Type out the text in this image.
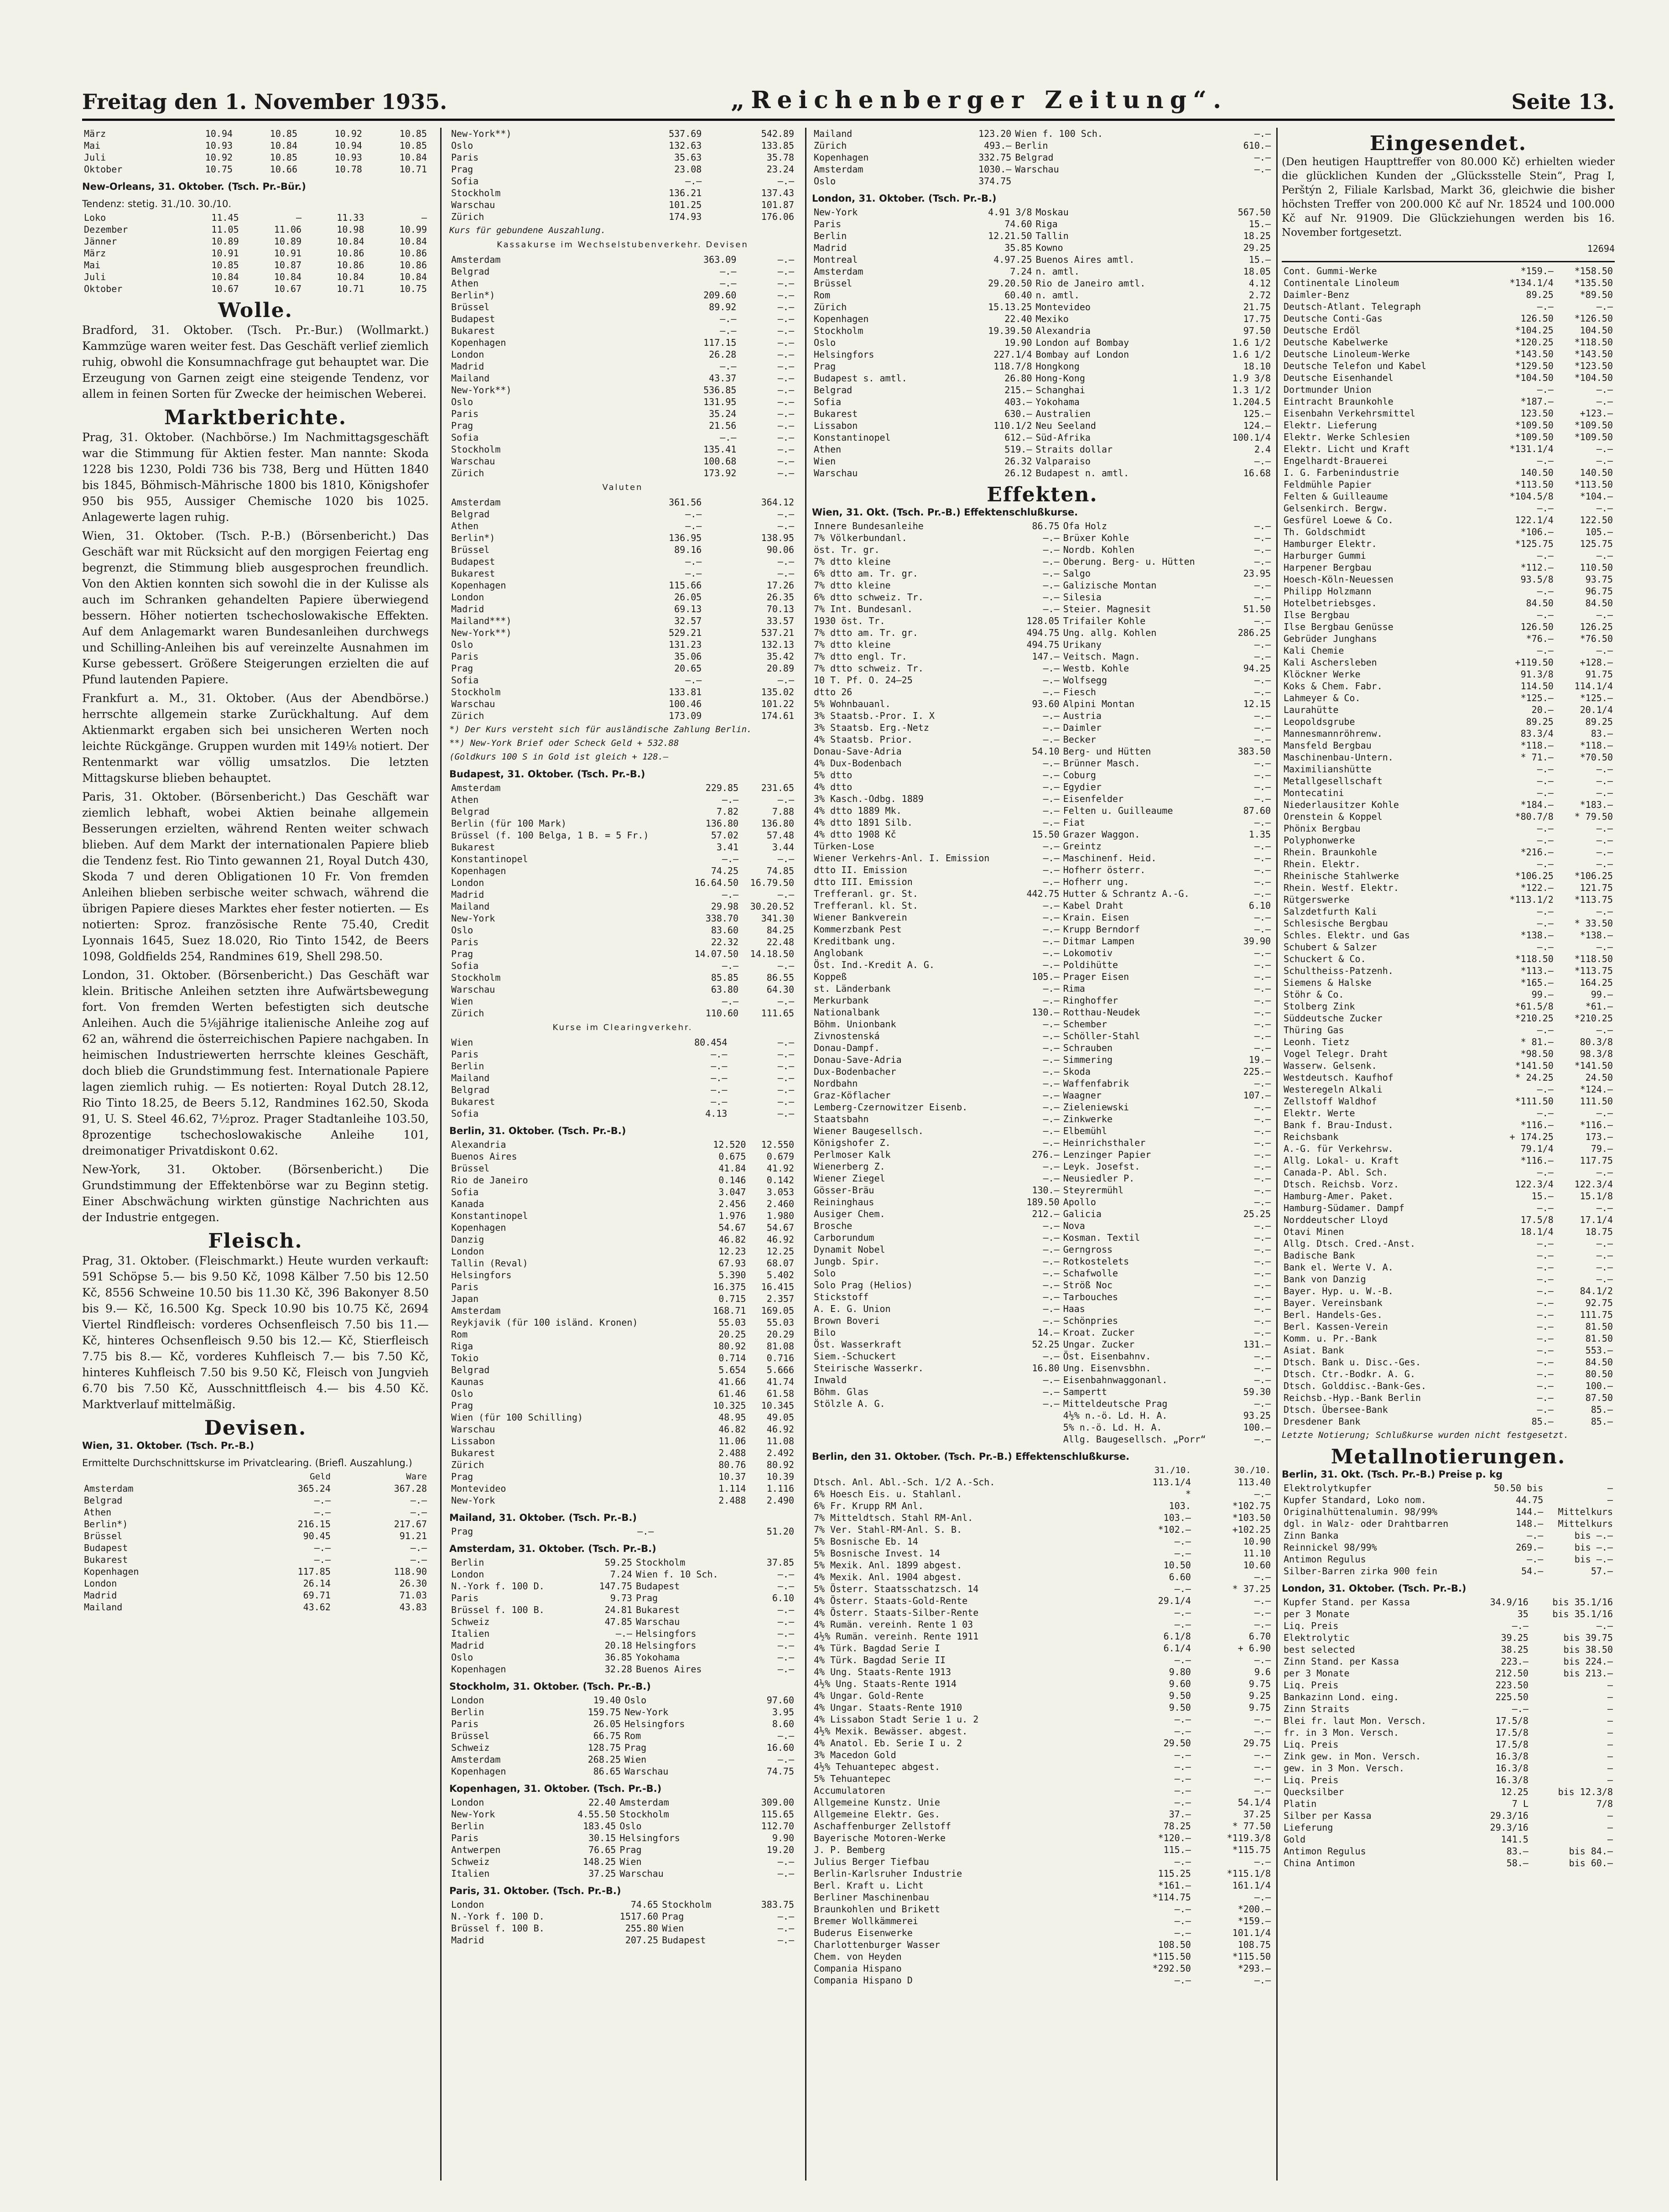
Freitag den 1. November 1935.	„Reichenberger Zeitung“.	Seite 13.
März	10.94	10.85	10.92	10.85
Mai	10.93	10.84	10.94	10.85
Juli	10.92	10.85	10.93	10.84
Oktober	10.75	10.66	10.78	10.71
New-Orleans, 31. Oktober. (Tsch. Pr.-Bür.)
Tendenz: stetig. 31./10. 30./10.
Loko	11.45	—	11.33	—
Dezember	11.05	11.06	10.98	10.99
Jänner	10.89	10.89	10.84	10.84
März	10.91	10.91	10.86	10.86
Mai	10.85	10.87	10.86	10.86
Juli	10.84	10.84	10.84	10.84
Oktober	10.67	10.67	10.71	10.75
Wolle.
Bradford, 31. Oktober. (Tsch. Pr.-Bur.) (Wollmarkt.) Kammzüge waren weiter fest. Das Geschäft verlief ziemlich ruhig, obwohl die Konsumnachfrage gut behauptet war. Die Erzeugung von Garnen zeigt eine steigende Tendenz, vor allem in feinen Sorten für Zwecke der heimischen Weberei.
Marktberichte.
Prag, 31. Oktober. (Nachbörse.) Im Nachmittagsgeschäft war die Stimmung für Aktien fester. Man nannte: Skoda 1228 bis 1230, Poldi 736 bis 738, Berg und Hütten 1840 bis 1845, Böhmisch-Mährische 1800 bis 1810, Königshofer 950 bis 955, Aussiger Chemische 1020 bis 1025. Anlagewerte lagen ruhig.
Wien, 31. Oktober. (Tsch. P.-B.) (Börsenbericht.) Das Geschäft war mit Rücksicht auf den morgigen Feiertag eng begrenzt, die Stimmung blieb ausgesprochen freundlich. Von den Aktien konnten sich sowohl die in der Kulisse als auch im Schranken gehandelten Papiere überwiegend bessern. Höher notierten tschechoslowakische Effekten. Auf dem Anlagemarkt waren Bundesanleihen durchwegs und Schilling-Anleihen bis auf vereinzelte Ausnahmen im Kurse gebessert. Größere Steigerungen erzielten die auf Pfund lautenden Papiere.
Frankfurt a. M., 31. Oktober. (Aus der Abendbörse.) herrschte allgemein starke Zurückhaltung. Auf dem Aktienmarkt ergaben sich bei unsicheren Werten noch leichte Rückgänge. Gruppen wurden mit 149⅛ notiert. Der Rentenmarkt war völlig umsatzlos. Die letzten Mittagskurse blieben behauptet.
Paris, 31. Oktober. (Börsenbericht.) Das Geschäft war ziemlich lebhaft, wobei Aktien beinahe allgemein Besserungen erzielten, während Renten weiter schwach blieben. Auf dem Markt der internationalen Papiere blieb die Tendenz fest. Rio Tinto gewannen 21, Royal Dutch 430, Skoda 7 und deren Obligationen 10 Fr. Von fremden Anleihen blieben serbische weiter schwach, während die übrigen Papiere dieses Marktes eher fester notierten. — Es notierten: Sproz. französische Rente 75.40, Credit Lyonnais 1645, Suez 18.020, Rio Tinto 1542, de Beers 1098, Goldfields 254, Randmines 619, Shell 298.50.
London, 31. Oktober. (Börsenbericht.) Das Geschäft war klein. Britische Anleihen setzten ihre Aufwärtsbewegung fort. Von fremden Werten befestigten sich deutsche Anleihen. Auch die 5⅛jährige italienische Anleihe zog auf 62 an, während die österreichischen Papiere nachgaben. In heimischen Industriewerten herrschte kleines Geschäft, doch blieb die Grundstimmung fest. Internationale Papiere lagen ziemlich ruhig. — Es notierten: Royal Dutch 28.12, Rio Tinto 18.25, de Beers 5.12, Randmines 162.50, Skoda 91, U. S. Steel 46.62, 7½proz. Prager Stadtanleihe 103.50, 8prozentige tschechoslowakische Anleihe 101, dreimonatiger Privatdiskont 0.62.
New-York, 31. Oktober. (Börsenbericht.) Die Grundstimmung der Effektenbörse war zu Beginn stetig. Einer Abschwächung wirkten günstige Nachrichten aus der Industrie entgegen.
Fleisch.
Prag, 31. Oktober. (Fleischmarkt.) Heute wurden verkauft: 591 Schöpse 5.— bis 9.50 Kč, 1098 Kälber 7.50 bis 12.50 Kč, 8556 Schweine 10.50 bis 11.30 Kč, 396 Bakonyer 8.50 bis 9.— Kč, 16.500 Kg. Speck 10.90 bis 10.75 Kč, 2694 Viertel Rindfleisch: vorderes Ochsenfleisch 7.50 bis 11.— Kč, hinteres Ochsenfleisch 9.50 bis 12.— Kč, Stierfleisch 7.75 bis 8.— Kč, vorderes Kuhfleisch 7.— bis 7.50 Kč, hinteres Kuhfleisch 7.50 bis 9.50 Kč, Fleisch von Jungvieh 6.70 bis 7.50 Kč, Ausschnittfleisch 4.— bis 4.50 Kč. Marktverlauf mittelmäßig.
Devisen.
Wien, 31. Oktober. (Tsch. Pr.-B.)
Ermittelte Durchschnittskurse im Privatclearing. (Briefl. Auszahlung.)
	Geld	Ware
Amsterdam	365.24	367.28
Belgrad	—.—	—.—
Athen	—.—	—.—
Berlin*)	216.15	217.67
Brüssel	90.45	91.21
Budapest	—.—	—.—
Bukarest	—.—	—.—
Kopenhagen	117.85	118.90
London	26.14	26.30
Madrid	69.71	71.03
Mailand	43.62	43.83
New-York**)	537.69	542.89
Oslo	132.63	133.85
Paris	35.63	35.78
Prag	23.08	23.24
Sofia	—.—	—.—
Stockholm	136.21	137.43
Warschau	101.25	101.87
Zürich	174.93	176.06
Kurs für gebundene Auszahlung.
Kassakurse im Wechselstubenverkehr. Devisen
Amsterdam	363.09	—.—
Belgrad	—.—	—.—
Athen	—.—	—.—
Berlin*)	209.60	—.—
Brüssel	89.92	—.—
Budapest	—.—	—.—
Bukarest	—.—	—.—
Kopenhagen	117.15	—.—
London	26.28	—.—
Madrid	—.—	—.—
Mailand	43.37	—.—
New-York**)	536.85	—.—
Oslo	131.95	—.—
Paris	35.24	—.—
Prag	21.56	—.—
Sofia	—.—	—.—
Stockholm	135.41	—.—
Warschau	100.68	—.—
Zürich	173.92	—.—
Valuten
Amsterdam	361.56	364.12
Belgrad	—.—	—.—
Athen	—.—	—.—
Berlin*)	136.95	138.95
Brüssel	89.16	90.06
Budapest	—.—	—.—
Bukarest	—.—	—.—
Kopenhagen	115.66	17.26
London	26.05	26.35
Madrid	69.13	70.13
Mailand***)	32.57	33.57
New-York**)	529.21	537.21
Oslo	131.23	132.13
Paris	35.06	35.42
Prag	20.65	20.89
Sofia	—.—	—.—
Stockholm	133.81	135.02
Warschau	100.46	101.22
Zürich	173.09	174.61
*) Der Kurs versteht sich für ausländische Zahlung Berlin.
**) New-York Brief oder Scheck Geld + 532.88
(Goldkurs 100 S in Gold ist gleich + 128.—
Budapest, 31. Oktober. (Tsch. Pr.-B.)
Amsterdam	229.85	231.65
Athen	—.—	—.—
Belgrad	7.82	7.88
Berlin (für 100 Mark)	136.80	136.80
Brüssel (f. 100 Belga, 1 B. = 5 Fr.)	57.02	57.48
Bukarest	3.41	3.44
Konstantinopel	—.—	—.—
Kopenhagen	74.25	74.85
London	16.64.50	16.79.50
Madrid	—.—	—.—
Mailand	29.98	30.20.52
New-York	338.70	341.30
Oslo	83.60	84.25
Paris	22.32	22.48
Prag	14.07.50	14.18.50
Sofia	—.—	—.—
Stockholm	85.85	86.55
Warschau	63.80	64.30
Wien	—.—	—.—
Zürich	110.60	111.65
Kurse im Clearingverkehr.
Wien	80.454	—.—
Paris	—.—	—.—
Berlin	—.—	—.—
Mailand	—.—	—.—
Belgrad	—.—	—.—
Bukarest	—.—	—.—
Sofia	4.13	—.—
Berlin, 31. Oktober. (Tsch. Pr.-B.)
Alexandria	12.520	12.550
Buenos Aires	0.675	0.679
Brüssel	41.84	41.92
Rio de Janeiro	0.146	0.142
Sofia	3.047	3.053
Kanada	2.456	2.460
Konstantinopel	1.976	1.980
Kopenhagen	54.67	54.67
Danzig	46.82	46.92
London	12.23	12.25
Tallin (Reval)	67.93	68.07
Helsingfors	5.390	5.402
Paris	16.375	16.415
Japan	0.715	2.357
Amsterdam	168.71	169.05
Reykjavik (für 100 isländ. Kronen)	55.03	55.03
Rom	20.25	20.29
Riga	80.92	81.08
Tokio	0.714	0.716
Belgrad	5.654	5.666
Kaunas	41.66	41.74
Oslo	61.46	61.58
Prag	10.325	10.345
Wien (für 100 Schilling)	48.95	49.05
Warschau	46.82	46.92
Lissabon	11.06	11.08
Bukarest	2.488	2.492
Zürich	80.76	80.92
Prag	10.37	10.39
Montevideo	1.114	1.116
New-York	2.488	2.490
Mailand, 31. Oktober. (Tsch. Pr.-B.)
Prag	—.—	51.20
Amsterdam, 31. Oktober. (Tsch. Pr.-B.)
Berlin	59.25	Stockholm	37.85
London	7.24	Wien f. 10 Sch.	—.—
N.-York f. 100 D.	147.75	Budapest	—.—
Paris	9.73	Prag	6.10
Brüssel f. 100 B.	24.81	Bukarest	—.—
Schweiz	47.85	Warschau	—.—
Italien	—.—	Helsingfors	—.—
Madrid	20.18	Helsingfors	—.—
Oslo	36.85	Yokohama	—.—
Kopenhagen	32.28	Buenos Aires	—.—
Stockholm, 31. Oktober. (Tsch. Pr.-B.)
London	19.40	Oslo	97.60
Berlin	159.75	New-York	3.95
Paris	26.05	Helsingfors	8.60
Brüssel	66.75	Rom	—.—
Schweiz	128.75	Prag	16.60
Amsterdam	268.25	Wien	—.—
Kopenhagen	86.65	Warschau	74.75
Kopenhagen, 31. Oktober. (Tsch. Pr.-B.)
London	22.40	Amsterdam	309.00
New-York	4.55.50	Stockholm	115.65
Berlin	183.45	Oslo	112.70
Paris	30.15	Helsingfors	9.90
Antwerpen	76.65	Prag	19.20
Schweiz	148.25	Wien	—.—
Italien	37.25	Warschau	—.—
Paris, 31. Oktober. (Tsch. Pr.-B.)
London	74.65	Stockholm	383.75
N.-York f. 100 D.	1517.60	Prag	—.—
Brüssel f. 100 B.	255.80	Wien	—.—
Madrid	207.25	Budapest	—.—
Mailand	123.20	Wien f. 100 Sch.	—.—
Zürich	493.—	Berlin	610.—
Kopenhagen	332.75	Belgrad	—.—
Amsterdam	1030.—	Warschau	—.—
Oslo	374.75		
London, 31. Oktober. (Tsch. Pr.-B.)
New-York	4.91 3/8	Moskau	567.50
Paris	74.60	Riga	15.—
Berlin	12.21.50	Tallin	18.25
Madrid	35.85	Kowno	29.25
Montreal	4.97.25	Buenos Aires amtl.	15.—
Amsterdam	7.24	n. amtl.	18.05
Brüssel	29.20.50	Rio de Janeiro amtl.	4.12
Rom	60.40	n. amtl.	2.72
Zürich	15.13.25	Montevideo	21.75
Kopenhagen	22.40	Mexiko	17.75
Stockholm	19.39.50	Alexandria	97.50
Oslo	19.90	London auf Bombay	1.6 1/2
Helsingfors	227.1/4	Bombay auf London	1.6 1/2
Prag	118.7/8	Hongkong	18.10
Budapest s. amtl.	26.80	Hong-Kong	1.9 3/8
Belgrad	215.—	Schanghai	1.3 1/2
Sofia	403.—	Yokohama	1.204.5
Bukarest	630.—	Australien	125.—
Lissabon	110.1/2	Neu Seeland	124.—
Konstantinopel	612.—	Süd-Afrika	100.1/4
Athen	519.—	Straits dollar	2.4
Wien	26.32	Valparaiso	—.—
Warschau	26.12	Budapest n. amtl.	16.68
Effekten.
Wien, 31. Okt. (Tsch. Pr.-B.) Effektenschlußkurse.
Innere Bundesanleihe	86.75	Ofa Holz	—.—
7% Völkerbundanl.	—.—	Brüxer Kohle	—.—
öst. Tr. gr.	—.—	Nordb. Kohlen	—.—
7% dtto kleine	—.—	Oberung. Berg- u. Hütten	—.—
6% dtto am. Tr. gr.	—.—	Salgo	23.95
7% dtto kleine	—.—	Galizische Montan	—.—
6% dtto schweiz. Tr.	—.—	Silesia	—.—
7% Int. Bundesanl.	—.—	Steier. Magnesit	51.50
1930 öst. Tr.	128.05	Trifailer Kohle	—.—
7% dtto am. Tr. gr.	494.75	Ung. allg. Kohlen	286.25
7% dtto kleine	494.75	Urikany	—.—
7% dtto engl. Tr.	147.—	Veitsch. Magn.	—.—
7% dtto schweiz. Tr.	—.—	Westb. Kohle	94.25
10 T. Pf. O. 24—25	—.—	Wolfsegg	—.—
dtto 26	—.—	Fiesch	—.—
5% Wohnbauanl.	93.60	Alpini Montan	12.15
3% Staatsb.-Pror. I. X	—.—	Austria	—.—
3% Staatsb. Erg.-Netz	—.—	Daimler	—.—
4% Staatsb. Prior.	—.—	Becker	—.—
Donau-Save-Adria	54.10	Berg- und Hütten	383.50
4% Dux-Bodenbach	—.—	Brünner Masch.	—.—
5% dtto	—.—	Coburg	—.—
4% dtto	—.—	Egydier	—.—
3% Kasch.-Odbg. 1889	—.—	Eisenfelder	—.—
4% dtto 1889 Mk.	—.—	Felten u. Guilleaume	87.60
4% dtto 1891 Silb.	—.—	Fiat	—.—
4% dtto 1908 Kč	15.50	Grazer Waggon.	1.35
Türken-Lose	—.—	Greintz	—.—
Wiener Verkehrs-Anl. I. Emission	—.—	Maschinenf. Heid.	—.—
dtto II. Emission	—.—	Hofherr österr.	—.—
dtto III. Emission	—.—	Hofherr ung.	—.—
Trefferanl. gr. St.	442.75	Hutter & Schrantz A.-G.	—.—
Trefferanl. kl. St.	—.—	Kabel Draht	6.10
Wiener Bankverein	—.—	Krain. Eisen	—.—
Kommerzbank Pest	—.—	Krupp Berndorf	—.—
Kreditbank ung.	—.—	Ditmar Lampen	39.90
Anglobank	—.—	Lokomotiv	—.—
Öst. Ind.-Kredit A. G.	—.—	Poldihütte	—.—
Koppeß	105.—	Prager Eisen	—.—
st. Länderbank	—.—	Rima	—.—
Merkurbank	—.—	Ringhoffer	—.—
Nationalbank	130.—	Rotthau-Neudek	—.—
Böhm. Unionbank	—.—	Schember	—.—
Zivnostenská	—.—	Schöller-Stahl	—.—
Donau-Dampf.	—.—	Schrauben	—.—
Donau-Save-Adria	—.—	Simmering	19.—
Dux-Bodenbacher	—.—	Skoda	225.—
Nordbahn	—.—	Waffenfabrik	—.—
Graz-Köflacher	—.—	Waagner	107.—
Lemberg-Czernowitzer Eisenb.	—.—	Zieleniewski	—.—
Staatsbahn	—.—	Zinkwerke	—.—
Wiener Baugesellsch.	—.—	Elbemühl	—.—
Königshofer Z.	—.—	Heinrichsthaler	—.—
Perlmoser Kalk	276.—	Lenzinger Papier	—.—
Wienerberg Z.	—.—	Leyk. Josefst.	—.—
Wiener Ziegel	—.—	Neusiedler P.	—.—
Gösser-Bräu	130.—	Steyrermühl	—.—
Reininghaus	189.50	Apollo	—.—
Ausiger Chem.	212.—	Galicia	25.25
Brosche	—.—	Nova	—.—
Carborundum	—.—	Kosman. Textil	—.—
Dynamit Nobel	—.—	Gerngross	—.—
Jungb. Spir.	—.—	Rotkostelets	—.—
Solo	—.—	Schafwolle	—.—
Solo Prag (Helios)	—.—	Ströß Noc	—.—
Stickstoff	—.—	Tarbouches	—.—
A. E. G. Union	—.—	Haas	—.—
Brown Boveri	—.—	Schönpries	—.—
Bilo	14.—	Kroat. Zucker	—.—
Öst. Wasserkraft	52.25	Ungar. Zucker	131.—
Siem.-Schuckert	—.—	Öst. Eisenbahnv.	—.—
Steirische Wasserkr.	16.80	Ung. Eisenvsbhn.	—.—
Inwald	—.—	Eisenbahnwaggonanl.	—.—
Böhm. Glas	—.—	Sampertt	59.30
Stölzle A. G.	—.—	Mitteldeutsche Prag	—.—
		4½% n.-ö. Ld. H. A.	93.25
		5% n.-ö. Ld. H. A.	100.—
		Allg. Baugesellsch. „Porr“	—.—
Berlin, den 31. Oktober. (Tsch. Pr.-B.) Effektenschlußkurse.
	31./10.	30./10.
Dtsch. Anl. Abl.-Sch. 1/2 A.-Sch.	113.1/4	113.40
6% Hoesch Eis. u. Stahlanl.	*	—.—
6% Fr. Krupp RM Anl.	103.	*102.75
7% Mitteldtsch. Stahl RM-Anl.	103.—	*103.50
7% Ver. Stahl-RM-Anl. S. B.	*102.—	+102.25
5% Bosnische Eb. 14	—.—	10.90
5% Bosnische Invest. 14	—.—	11.10
5% Mexik. Anl. 1899 abgest.	10.50	10.60
4% Mexik. Anl. 1904 abgest.	6.60	—.—
5% Österr. Staatsschatzsch. 14	—.—	* 37.25
4% Österr. Staats-Gold-Rente	29.1/4	—.—
4% Österr. Staats-Silber-Rente	—.—	—.—
4% Rumän. vereinh. Rente 1 03	—.—	—.—
4½% Rumän. vereinh. Rente 1911	6.1/8	6.70
4% Türk. Bagdad Serie I	6.1/4	+ 6.90
4% Türk. Bagdad Serie II	—.—	—.—
4% Ung. Staats-Rente 1913	9.80	9.6
4½% Ung. Staats-Rente 1914	9.60	9.75
4% Ungar. Gold-Rente	9.50	9.25
4% Ungar. Staats-Rente 1910	9.50	9.75
4% Lissabon Stadt Serie 1 u. 2	—.—	—.—
4½% Mexik. Bewässer. abgest.	—.—	—.—
4% Anatol. Eb. Serie I u. 2	29.50	29.75
3% Macedon Gold	—.—	—.—
4½% Tehuantepec abgest.	—.—	—.—
5% Tehuantepec	—.—	—.—
Accumulatoren	—.—	—.—
Allgemeine Kunstz. Unie	—.—	54.1/4
Allgemeine Elektr. Ges.	37.—	37.25
Aschaffenburger Zellstoff	78.25	* 77.50
Bayerische Motoren-Werke	*120.—	*119.3/8
J. P. Bemberg	115.—	*115.75
Julius Berger Tiefbau	—.—	—.—
Berlin-Karlsruher Industrie	115.25	*115.1/8
Berl. Kraft u. Licht	*161.—	161.1/4
Berliner Maschinenbau	*114.75	—.—
Braunkohlen und Brikett	—.—	*200.—
Bremer Wollkämmerei	—.—	*159.—
Buderus Eisenwerke	—.—	101.1/4
Charlottenburger Wasser	108.50	108.75
Chem. von Heyden	*115.50	*115.50
Compania Hispano	*292.50	*293.—
Compania Hispano D	—.—	—.—
Eingesendet.
(Den heutigen Haupttreffer von 80.000 Kč) erhielten wieder die glücklichen Kunden der „Glücksstelle Stein“, Prag I, Perštýn 2, Filiale Karlsbad, Markt 36, gleichwie die bisher höchsten Treffer von 200.000 Kč auf Nr. 18524 und 100.000 Kč auf Nr. 91909. Die Glückziehungen werden bis 16. November fortgesetzt.
12694
Cont. Gummi-Werke	*159.—	*158.50
Continentale Linoleum	*134.1/4	*135.50
Daimler-Benz	89.25	*89.50
Deutsch-Atlant. Telegraph	—.—	—.—
Deutsche Conti-Gas	126.50	*126.50
Deutsche Erdöl	*104.25	104.50
Deutsche Kabelwerke	*120.25	*118.50
Deutsche Linoleum-Werke	*143.50	*143.50
Deutsche Telefon und Kabel	*129.50	*123.50
Deutsche Eisenhandel	*104.50	*104.50
Dortmunder Union	—.—	—.—
Eintracht Braunkohle	*187.—	—.—
Eisenbahn Verkehrsmittel	123.50	+123.—
Elektr. Lieferung	*109.50	*109.50
Elektr. Werke Schlesien	*109.50	*109.50
Elektr. Licht und Kraft	*131.1/4	—.—
Engelhardt-Brauerei	—.—	—.—
I. G. Farbenindustrie	140.50	140.50
Feldmühle Papier	*113.50	*113.50
Felten & Guilleaume	*104.5/8	*104.—
Gelsenkirch. Bergw.	—.—	—.—
Gesfürel Loewe & Co.	122.1/4	122.50
Th. Goldschmidt	*106.—	105.—
Hamburger Elektr.	*125.75	125.75
Harburger Gummi	—.—	—.—
Harpener Bergbau	*112.—	110.50
Hoesch-Köln-Neuessen	93.5/8	93.75
Philipp Holzmann	—.—	96.75
Hotelbetriebsges.	84.50	84.50
Ilse Bergbau	—.—	—.—
Ilse Bergbau Genüsse	126.50	126.25
Gebrüder Junghans	*76.—	*76.50
Kali Chemie	—.—	—.—
Kali Aschersleben	+119.50	+128.—
Klöckner Werke	91.3/8	91.75
Koks & Chem. Fabr.	114.50	114.1/4
Lahmeyer & Co.	*125.—	*125.—
Laurahütte	20.—	20.1/4
Leopoldsgrube	89.25	89.25
Mannesmannröhrenw.	83.3/4	83.—
Mansfeld Bergbau	*118.—	*118.—
Maschinenbau-Untern.	* 71.—	*70.50
Maximilianshütte	—.—	—.—
Metallgesellschaft	—.—	—.—
Montecatini	—.—	—.—
Niederlausitzer Kohle	*184.—	*183.—
Orenstein & Koppel	*80.7/8	* 79.50
Phönix Bergbau	—.—	—.—
Polyphonwerke	—.—	—.—
Rhein. Braunkohle	*216.—	—.—
Rhein. Elektr.	—.—	—.—
Rheinische Stahlwerke	*106.25	*106.25
Rhein. Westf. Elektr.	*122.—	121.75
Rütgerswerke	*113.1/2	*113.75
Salzdetfurth Kali	—.—	—.—
Schlesische Bergbau	—.—	* 33.50
Schles. Elektr. und Gas	*138.—	*138.—
Schubert & Salzer	—.—	—.—
Schuckert & Co.	*118.50	*118.50
Schultheiss-Patzenh.	*113.—	*113.75
Siemens & Halske	*165.—	164.25
Stöhr & Co.	99.—	99.—
Stolberg Zink	*61.5/8	*61.—
Süddeutsche Zucker	*210.25	*210.25
Thüring Gas	—.—	—.—
Leonh. Tietz	* 81.—	80.3/8
Vogel Telegr. Draht	*98.50	98.3/8
Wasserw. Gelsenk.	*141.50	*141.50
Westdeutsch. Kaufhof	* 24.25	24.50
Westeregeln Alkali	—.—	*124.—
Zellstoff Waldhof	*111.50	111.50
Elektr. Werte	—.—	—.—
Bank f. Brau-Indust.	*116.—	*116.—
Reichsbank	+ 174.25	173.—
A.-G. für Verkehrsw.	79.1/4	79.—
Allg. Lokal- u. Kraft	*116.—	117.75
Canada-P. Abl. Sch.	—.—	—.—
Dtsch. Reichsb. Vorz.	122.3/4	122.3/4
Hamburg-Amer. Paket.	15.—	15.1/8
Hamburg-Südamer. Dampf	—.—	—.—
Norddeutscher Lloyd	17.5/8	17.1/4
Otavi Minen	18.1/4	18.75
Allg. Dtsch. Cred.-Anst.	—.—	—.—
Badische Bank	—.—	—.—
Bank el. Werte V. A.	—.—	—.—
Bank von Danzig	—.—	—.—
Bayer. Hyp. u. W.-B.	—.—	84.1/2
Bayer. Vereinsbank	—.—	92.75
Berl. Handels-Ges.	—.—	111.75
Berl. Kassen-Verein	—.—	81.50
Komm. u. Pr.-Bank	—.—	81.50
Asiat. Bank	—.—	553.—
Dtsch. Bank u. Disc.-Ges.	—.—	84.50
Dtsch. Ctr.-Bodkr. A. G.	—.—	80.50
Dtsch. Golddisc.-Bank-Ges.	—.—	100.—
Reichsb.-Hyp.-Bank Berlin	—.—	87.50
Dtsch. Übersee-Bank	—.—	85.—
Dresdener Bank	85.—	85.—
Letzte Notierung; Schlußkurse wurden nicht festgesetzt.
Metallnotierungen.
Berlin, 31. Okt. (Tsch. Pr.-B.) Preise p. kg
Elektrolytkupfer	50.50 bis	—
Kupfer Standard, Loko nom.	44.75	—
Originalhüttenalumin. 98/99%	144.—	Mittelkurs
dgl. in Walz- oder Drahtbarren	148.—	Mittelkurs
Zinn Banka	—.—	bis —.—
Reinnickel 98/99%	269.—	bis —.—
Antimon Regulus	—.—	bis —.—
Silber-Barren zirka 900 fein	54.—	57.—
London, 31. Oktober. (Tsch. Pr.-B.)
Kupfer Stand. per Kassa	34.9/16	bis 35.1/16
per 3 Monate	35	bis 35.1/16
Liq. Preis	—.—	—.—
Elektrolytic	39.25	bis 39.75
best selected	38.25	bis 38.50
Zinn Stand. per Kassa	223.—	bis 224.—
per 3 Monate	212.50	bis 213.—
Liq. Preis	223.50	—
Bankazinn Lond. eing.	225.50	—
Zinn Straits	—.—	—
Blei fr. laut Mon. Versch.	17.5/8	—
fr. in 3 Mon. Versch.	17.5/8	—
Liq. Preis	17.5/8	—
Zink gew. in Mon. Versch.	16.3/8	—
gew. in 3 Mon. Versch.	16.3/8	—
Liq. Preis	16.3/8	—
Quecksilber	12.25	bis 12.3/8
Platin	7 L	7/8
Silber per Kassa	29.3/16	—
Lieferung	29.3/16	—
Gold	141.5	—
Antimon Regulus	83.—	bis 84.—
China Antimon	58.—	bis 60.—
